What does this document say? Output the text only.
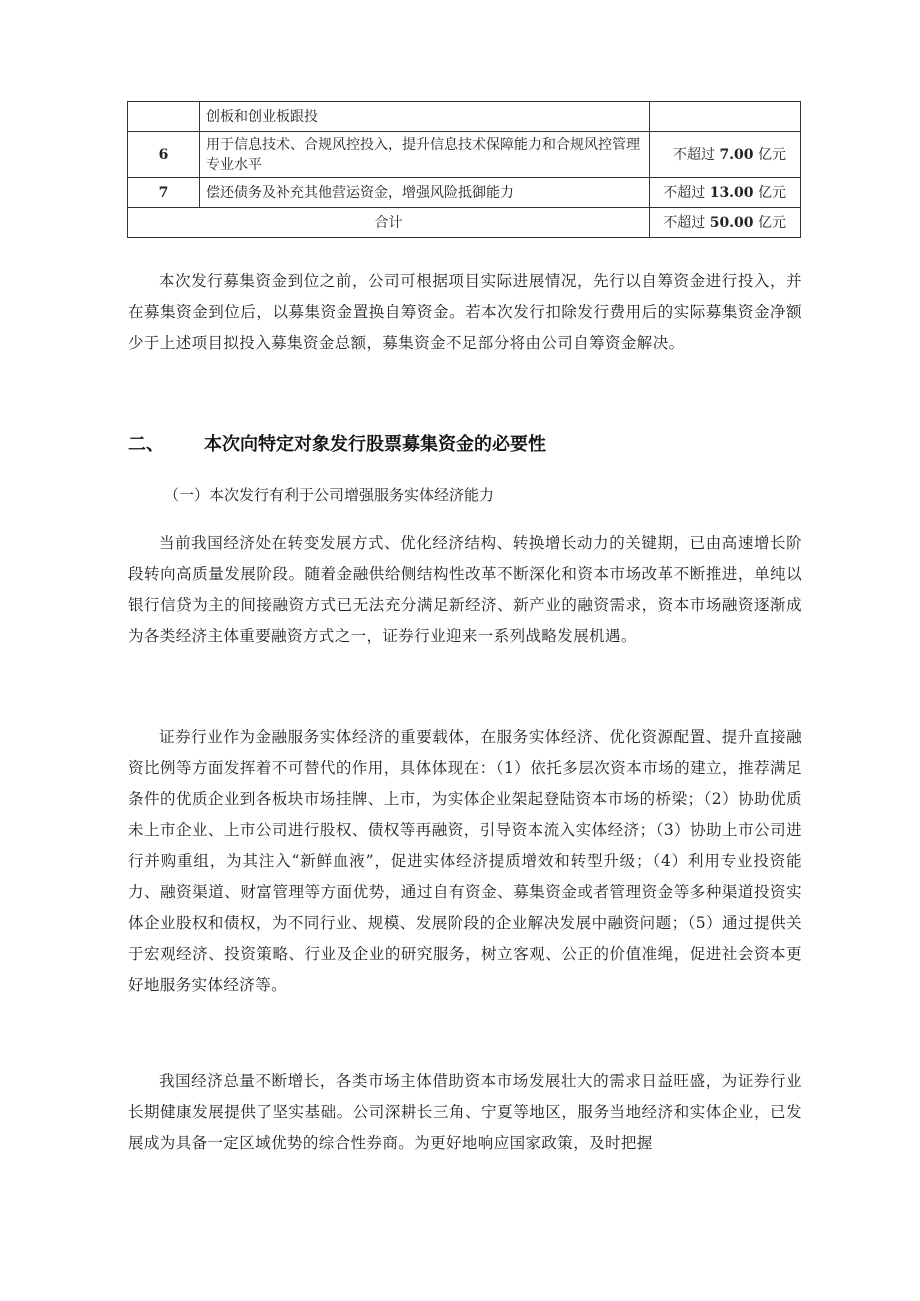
	创板和创业板跟投	
6	用于信息技术、合规风控投入，提升信息技术保障能力和合规风控管理专业水平	不超过 7.00 亿元
7	偿还债务及补充其他营运资金，增强风险抵御能力	不超过 13.00 亿元
合计		不超过 50.00 亿元

本次发行募集资金到位之前，公司可根据项目实际进展情况，先行以自筹资金进行投入，并在募集资金到位后，以募集资金置换自筹资金。若本次发行扣除发行费用后的实际募集资金净额少于上述项目拟投入募集资金总额，募集资金不足部分将由公司自筹资金解决。

二、 本次向特定对象发行股票募集资金的必要性
（一）本次发行有利于公司增强服务实体经济能力

当前我国经济处在转变发展方式、优化经济结构、转换增长动力的关键期，已由高速增长阶段转向高质量发展阶段。随着金融供给侧结构性改革不断深化和资本市场改革不断推进，单纯以银行信贷为主的间接融资方式已无法充分满足新经济、新产业的融资需求，资本市场融资逐渐成为各类经济主体重要融资方式之一，证券行业迎来一系列战略发展机遇。

证券行业作为金融服务实体经济的重要载体，在服务实体经济、优化资源配置、提升直接融资比例等方面发挥着不可替代的作用，具体体现在：（1）依托多层次资本市场的建立，推荐满足条件的优质企业到各板块市场挂牌、上市，为实体企业架起登陆资本市场的桥梁；（2）协助优质未上市企业、上市公司进行股权、债权等再融资，引导资本流入实体经济；（3）协助上市公司进行并购重组，为其注入“新鲜血液”，促进实体经济提质增效和转型升级；（4）利用专业投资能力、融资渠道、财富管理等方面优势，通过自有资金、募集资金或者管理资金等多种渠道投资实体企业股权和债权，为不同行业、规模、发展阶段的企业解决发展中融资问题；（5）通过提供关于宏观经济、投资策略、行业及企业的研究服务，树立客观、公正的价值准绳，促进社会资本更好地服务实体经济等。

我国经济总量不断增长，各类市场主体借助资本市场发展壮大的需求日益旺盛，为证券行业长期健康发展提供了坚实基础。公司深耕长三角、宁夏等地区，服务当地经济和实体企业，已发展成为具备一定区域优势的综合性券商。为更好地响应国家政策，及时把握
